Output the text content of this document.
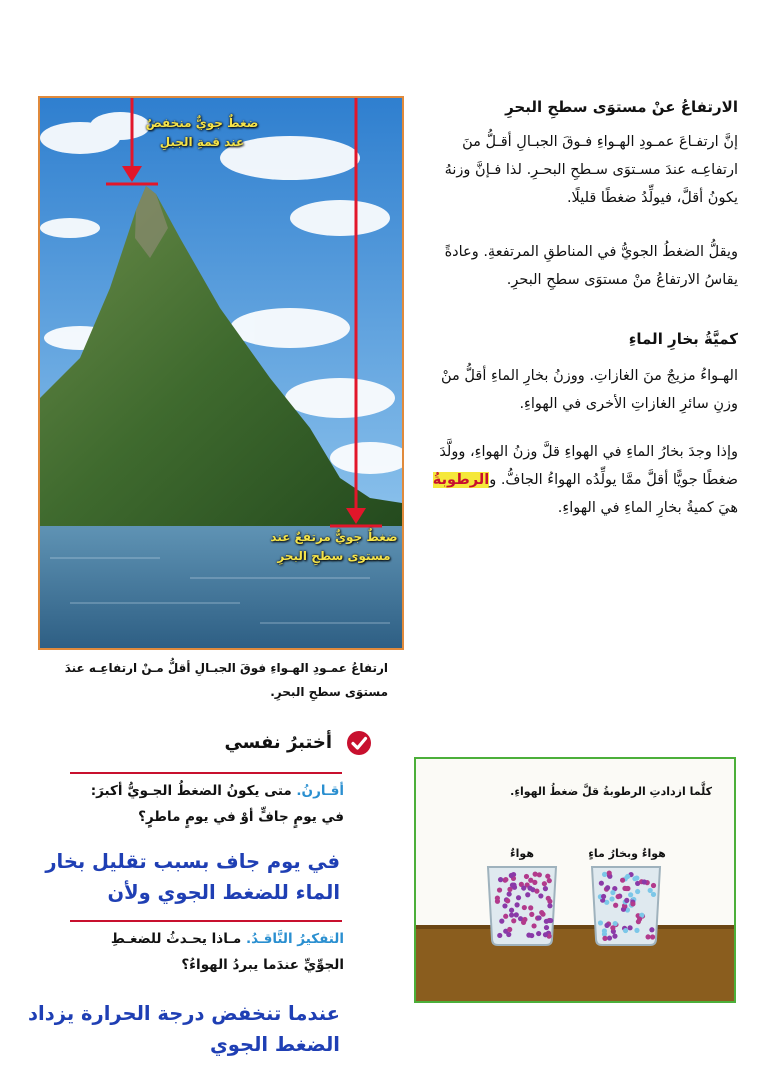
ضغطٌ جويٌّ منخفضٌ
عند قمةِ الجبلِ
ضغطٌ جويٌّ مرتفعٌ عند
مستوى سطحِ البحرِ
ارتفاعُ عمـودِ الهـواءِ فوقَ الجبـالِ أقلُّ مـنْ ارتفاعِـه عندَ
مستوَى سطحِ البحرِ.
الارتفاعُ عنْ مستوَى سطحِ البحرِ
إنَّ ارتفـاعَ عمـودِ الهـواءِ فـوقَ الجبـالِ أقـلُّ منَ
ارتفاعِـه عندَ مسـتوَى سـطحِ البحـرِ. لذا فـإنَّ وزنهُ
يكونُ أقلَّ، فيولِّدُ ضغطًا قليلًا.
ويقلُّ الضغطُ الجويُّ في المناطقِ المرتفعةِ. وعادةً
يقاسُ الارتفاعُ منْ مستوَى سطحِ البحرِ.
كميَّةُ بخارِ الماءِ
الهـواءُ مزيجٌ منَ الغازاتِ. ووزنُ بخارِ الماءِ أقلُّ منْ
وزنِ سائرِ الغازاتِ الأخرى في الهواءِ.
وإذا وجدَ بخارُ الماءِ في الهواءِ قلَّ وزنُ الهواءِ، وولَّدَ
ضغطًا جويًّا أقلَّ ممَّا يولِّدُه الهواءُ الجافُّ. والرطوبةُ
هيَ كميةُ بخارِ الماءِ في الهواءِ.
أختبرُ نفسي
أقـارنُ. متى يكونُ الضغطُ الجـويُّ أكبرَ:
في يومٍ جافٍّ أوْ في يومٍ ماطرٍ؟
في يوم جاف بسبب تقليل بخار
الماء للضغط الجوي ولأن
التفكيرُ النَّاقـدُ. مـاذا يحـدثُ للضغـطِ
الجوِّيِّ عندَما يبردُ الهواءُ؟
عندما تنخفض درجة الحرارة يزداد
الضغط الجوي
كلَّما ازدادتِ الرطوبةُ قلَّ ضغطُ الهواءِ.
هواءٌ	هواءٌ وبخارُ ماءٍ
